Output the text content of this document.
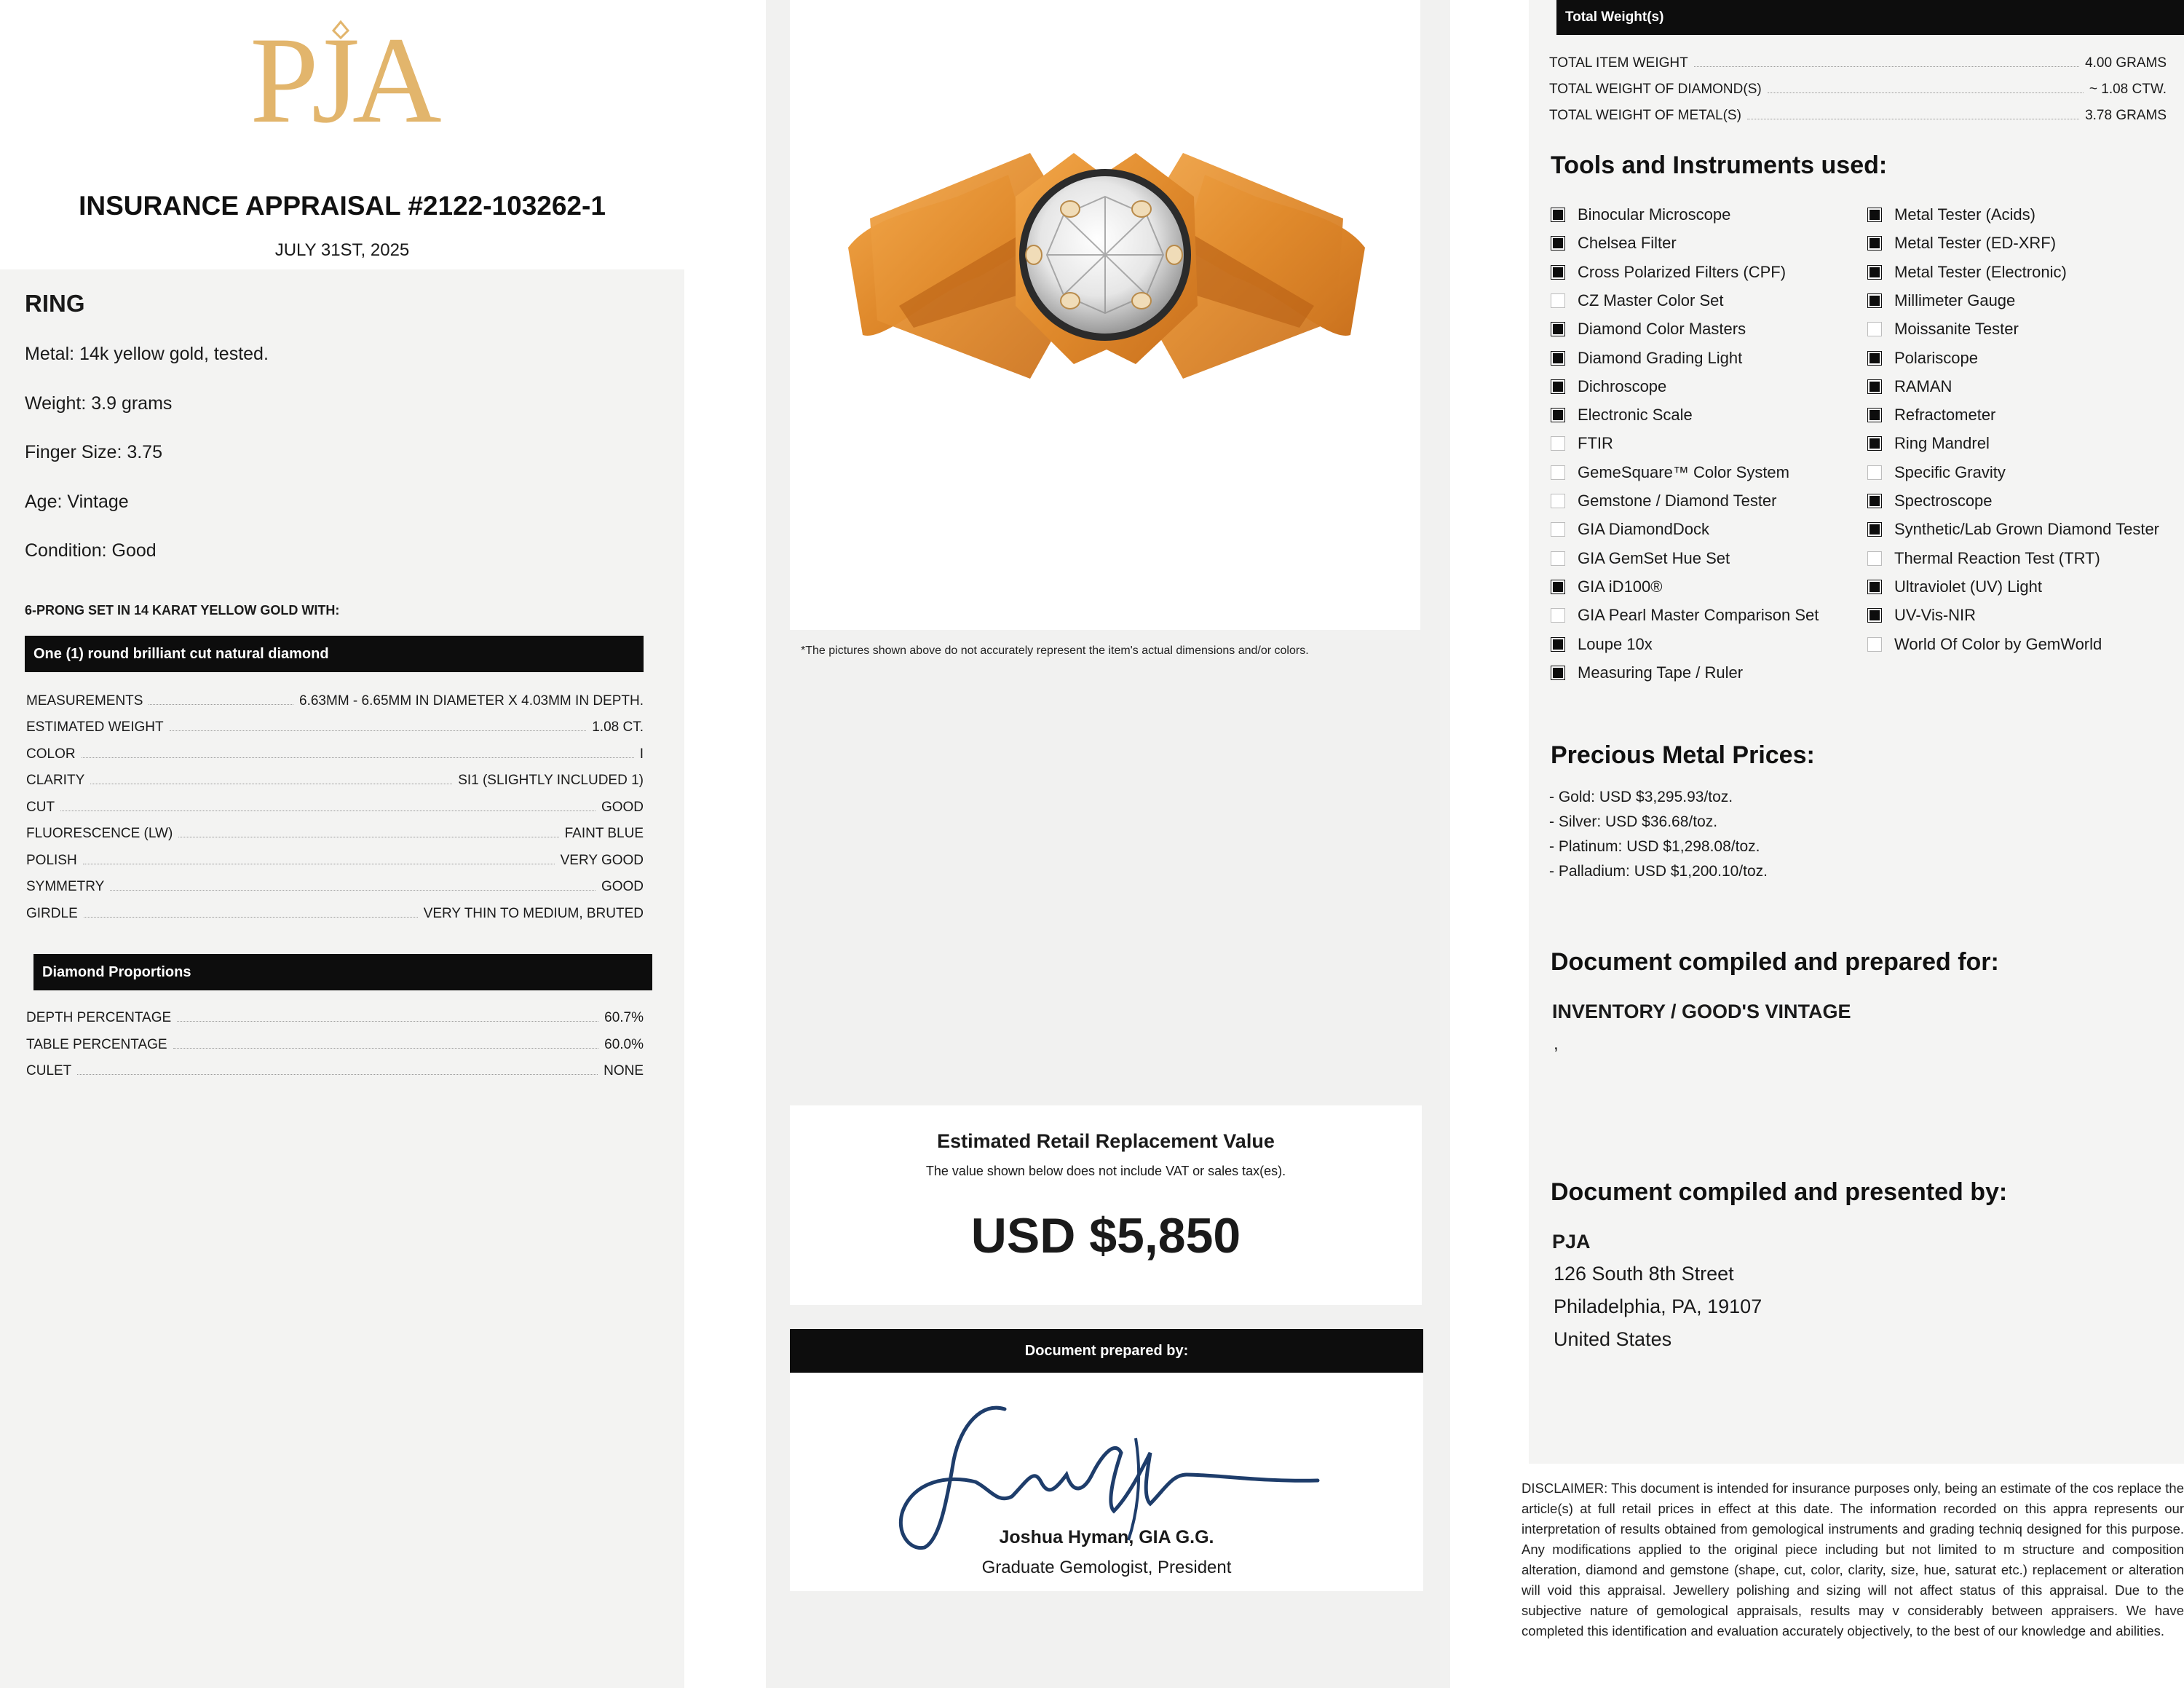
PJA
INSURANCE APPRAISAL #2122-103262-1
JULY 31ST, 2025
RING
Metal: 14k yellow gold, tested.
Weight: 3.9 grams
Finger Size: 3.75
Age: Vintage
Condition: Good
6-PRONG SET IN 14 KARAT YELLOW GOLD WITH:
One (1) round brilliant cut natural diamond
MEASUREMENTS	6.63MM - 6.65MM IN DIAMETER X 4.03MM IN DEPTH.
ESTIMATED WEIGHT	1.08 CT.
COLOR	I
CLARITY	SI1 (SLIGHTLY INCLUDED 1)
CUT	GOOD
FLUORESCENCE (LW)	FAINT BLUE
POLISH	VERY GOOD
SYMMETRY	GOOD
GIRDLE	VERY THIN TO MEDIUM, BRUTED
Diamond Proportions
DEPTH PERCENTAGE	60.7%
TABLE PERCENTAGE	60.0%
CULET	NONE
*The pictures shown above do not accurately represent the item's actual dimensions and/or colors.
Estimated Retail Replacement Value
The value shown below does not include VAT or sales tax(es).
USD $5,850
Document prepared by:
Joshua Hyman, GIA G.G.
Graduate Gemologist, President
Total Weight(s)
TOTAL ITEM WEIGHT	4.00 GRAMS
TOTAL WEIGHT OF DIAMOND(S)	~ 1.08 CTW.
TOTAL WEIGHT OF METAL(S)	3.78 GRAMS
Tools and Instruments used:
Binocular Microscope
Chelsea Filter
Cross Polarized Filters (CPF)
CZ Master Color Set
Diamond Color Masters
Diamond Grading Light
Dichroscope
Electronic Scale
FTIR
GemeSquare™ Color System
Gemstone / Diamond Tester
GIA DiamondDock
GIA GemSet Hue Set
GIA iD100®
GIA Pearl Master Comparison Set
Loupe 10x
Measuring Tape / Ruler
Metal Tester (Acids)
Metal Tester (ED-XRF)
Metal Tester (Electronic)
Millimeter Gauge
Moissanite Tester
Polariscope
RAMAN
Refractometer
Ring Mandrel
Specific Gravity
Spectroscope
Synthetic/Lab Grown Diamond Tester
Thermal Reaction Test (TRT)
Ultraviolet (UV) Light
UV-Vis-NIR
World Of Color by GemWorld
Precious Metal Prices:
- Gold: USD $3,295.93/toz.
- Silver: USD $36.68/toz.
- Platinum: USD $1,298.08/toz.
- Palladium: USD $1,200.10/toz.
Document compiled and prepared for:
INVENTORY / GOOD'S VINTAGE
,
Document compiled and presented by:
PJA
126 South 8th Street
Philadelphia, PA, 19107
United States
DISCLAIMER: This document is intended for insurance purposes only, being an estimate of the cos replace the article(s) at full retail prices in effect at this date. The information recorded on this appra represents our interpretation of results obtained from gemological instruments and grading techniq designed for this purpose. Any modifications applied to the original piece including but not limited to m structure and composition alteration, diamond and gemstone (shape, cut, color, clarity, size, hue, saturat etc.) replacement or alteration will void this appraisal. Jewellery polishing and sizing will not affect status of this appraisal. Due to the subjective nature of gemological appraisals, results may v considerably between appraisers. We have completed this identification and evaluation accurately objectively, to the best of our knowledge and abilities.
